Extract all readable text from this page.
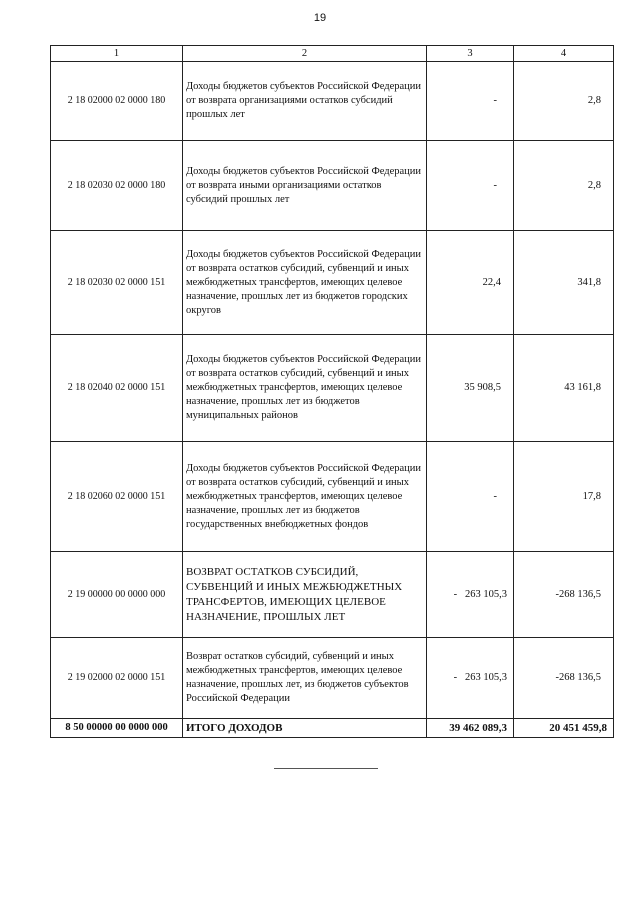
19
1	2	3	4
2 18 02000 02 0000 180	Доходы бюджетов субъектов Российской Федерации от возврата организациями остатков субсидий прошлых лет	-	2,8
2 18 02030 02 0000 180	Доходы бюджетов субъектов Российской Федерации от возврата иными организациями остатков субсидий прошлых лет	-	2,8
2 18 02030 02 0000 151	Доходы бюджетов субъектов Российской Федерации от возврата остатков субсидий, субвенций и иных межбюджетных трансфертов, имеющих целевое назначение, прошлых лет из бюджетов городских округов	22,4	341,8
2 18 02040 02 0000 151	Доходы бюджетов субъектов Российской Федерации от возврата остатков субсидий, субвенций и иных межбюджетных трансфертов, имеющих целевое назначение, прошлых лет из бюджетов муниципальных районов	35 908,5	43 161,8
2 18 02060 02 0000 151	Доходы бюджетов субъектов Российской Федерации от возврата остатков субсидий, субвенций и иных межбюджетных трансфертов, имеющих целевое назначение, прошлых лет из бюджетов государственных внебюджетных фондов	-	17,8
2 19 00000 00 0000 000	ВОЗВРАТ ОСТАТКОВ СУБСИДИЙ, СУБВЕНЦИЙ И ИНЫХ МЕЖБЮДЖЕТНЫХ ТРАНСФЕРТОВ, ИМЕЮЩИХ ЦЕЛЕВОЕ НАЗНАЧЕНИЕ, ПРОШЛЫХ ЛЕТ	-   263 105,3	-268 136,5
2 19 02000 02 0000 151	Возврат остатков субсидий, субвенций и иных межбюджетных трансфертов, имеющих целевое назначение, прошлых лет, из бюджетов субъектов Российской Федерации	-   263 105,3	-268 136,5
8 50 00000 00 0000 000	ИТОГО ДОХОДОВ	39 462 089,3	20 451 459,8
